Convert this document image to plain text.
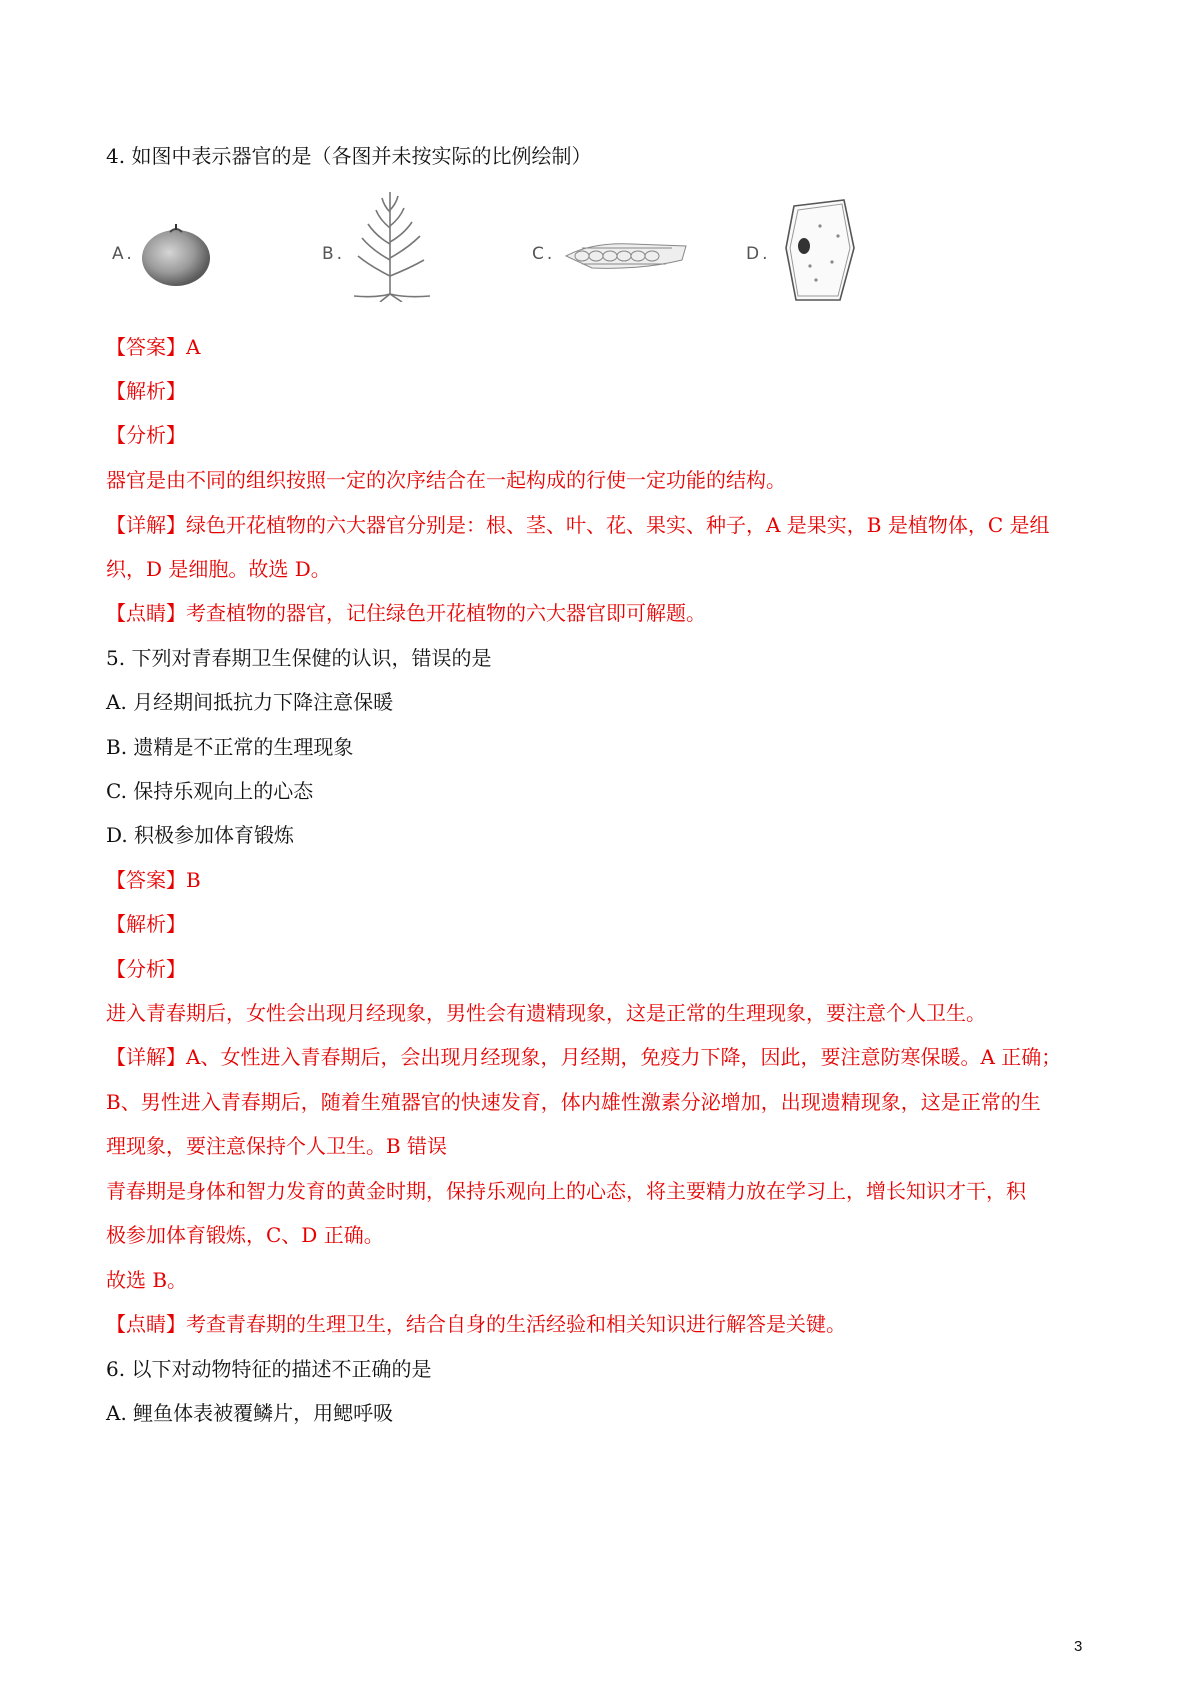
4. 如图中表示器官的是（各图并未按实际的比例绘制）
A.	B.	C.	D.
【答案】A
【解析】
【分析】
器官是由不同的组织按照一定的次序结合在一起构成的行使一定功能的结构。
【详解】绿色开花植物的六大器官分别是：根、茎、叶、花、果实、种子，A 是果实，B 是植物体，C 是组
织，D 是细胞。故选 D。
【点睛】考查植物的器官，记住绿色开花植物的六大器官即可解题。
5. 下列对青春期卫生保健的认识，错误的是
A. 月经期间抵抗力下降注意保暖
B. 遗精是不正常的生理现象
C. 保持乐观向上的心态
D. 积极参加体育锻炼
【答案】B
【解析】
【分析】
进入青春期后，女性会出现月经现象，男性会有遗精现象，这是正常的生理现象，要注意个人卫生。
【详解】A、女性进入青春期后，会出现月经现象，月经期，免疫力下降，因此，要注意防寒保暖。A 正确；
B、男性进入青春期后，随着生殖器官的快速发育，体内雄性激素分泌增加，出现遗精现象，这是正常的生
理现象，要注意保持个人卫生。B 错误
青春期是身体和智力发育的黄金时期，保持乐观向上的心态，将主要精力放在学习上，增长知识才干，积
极参加体育锻炼，C、D 正确。
故选 B。
【点睛】考查青春期的生理卫生，结合自身的生活经验和相关知识进行解答是关键。
6. 以下对动物特征的描述不正确的是
A. 鲤鱼体表被覆鳞片，用鳃呼吸
3
